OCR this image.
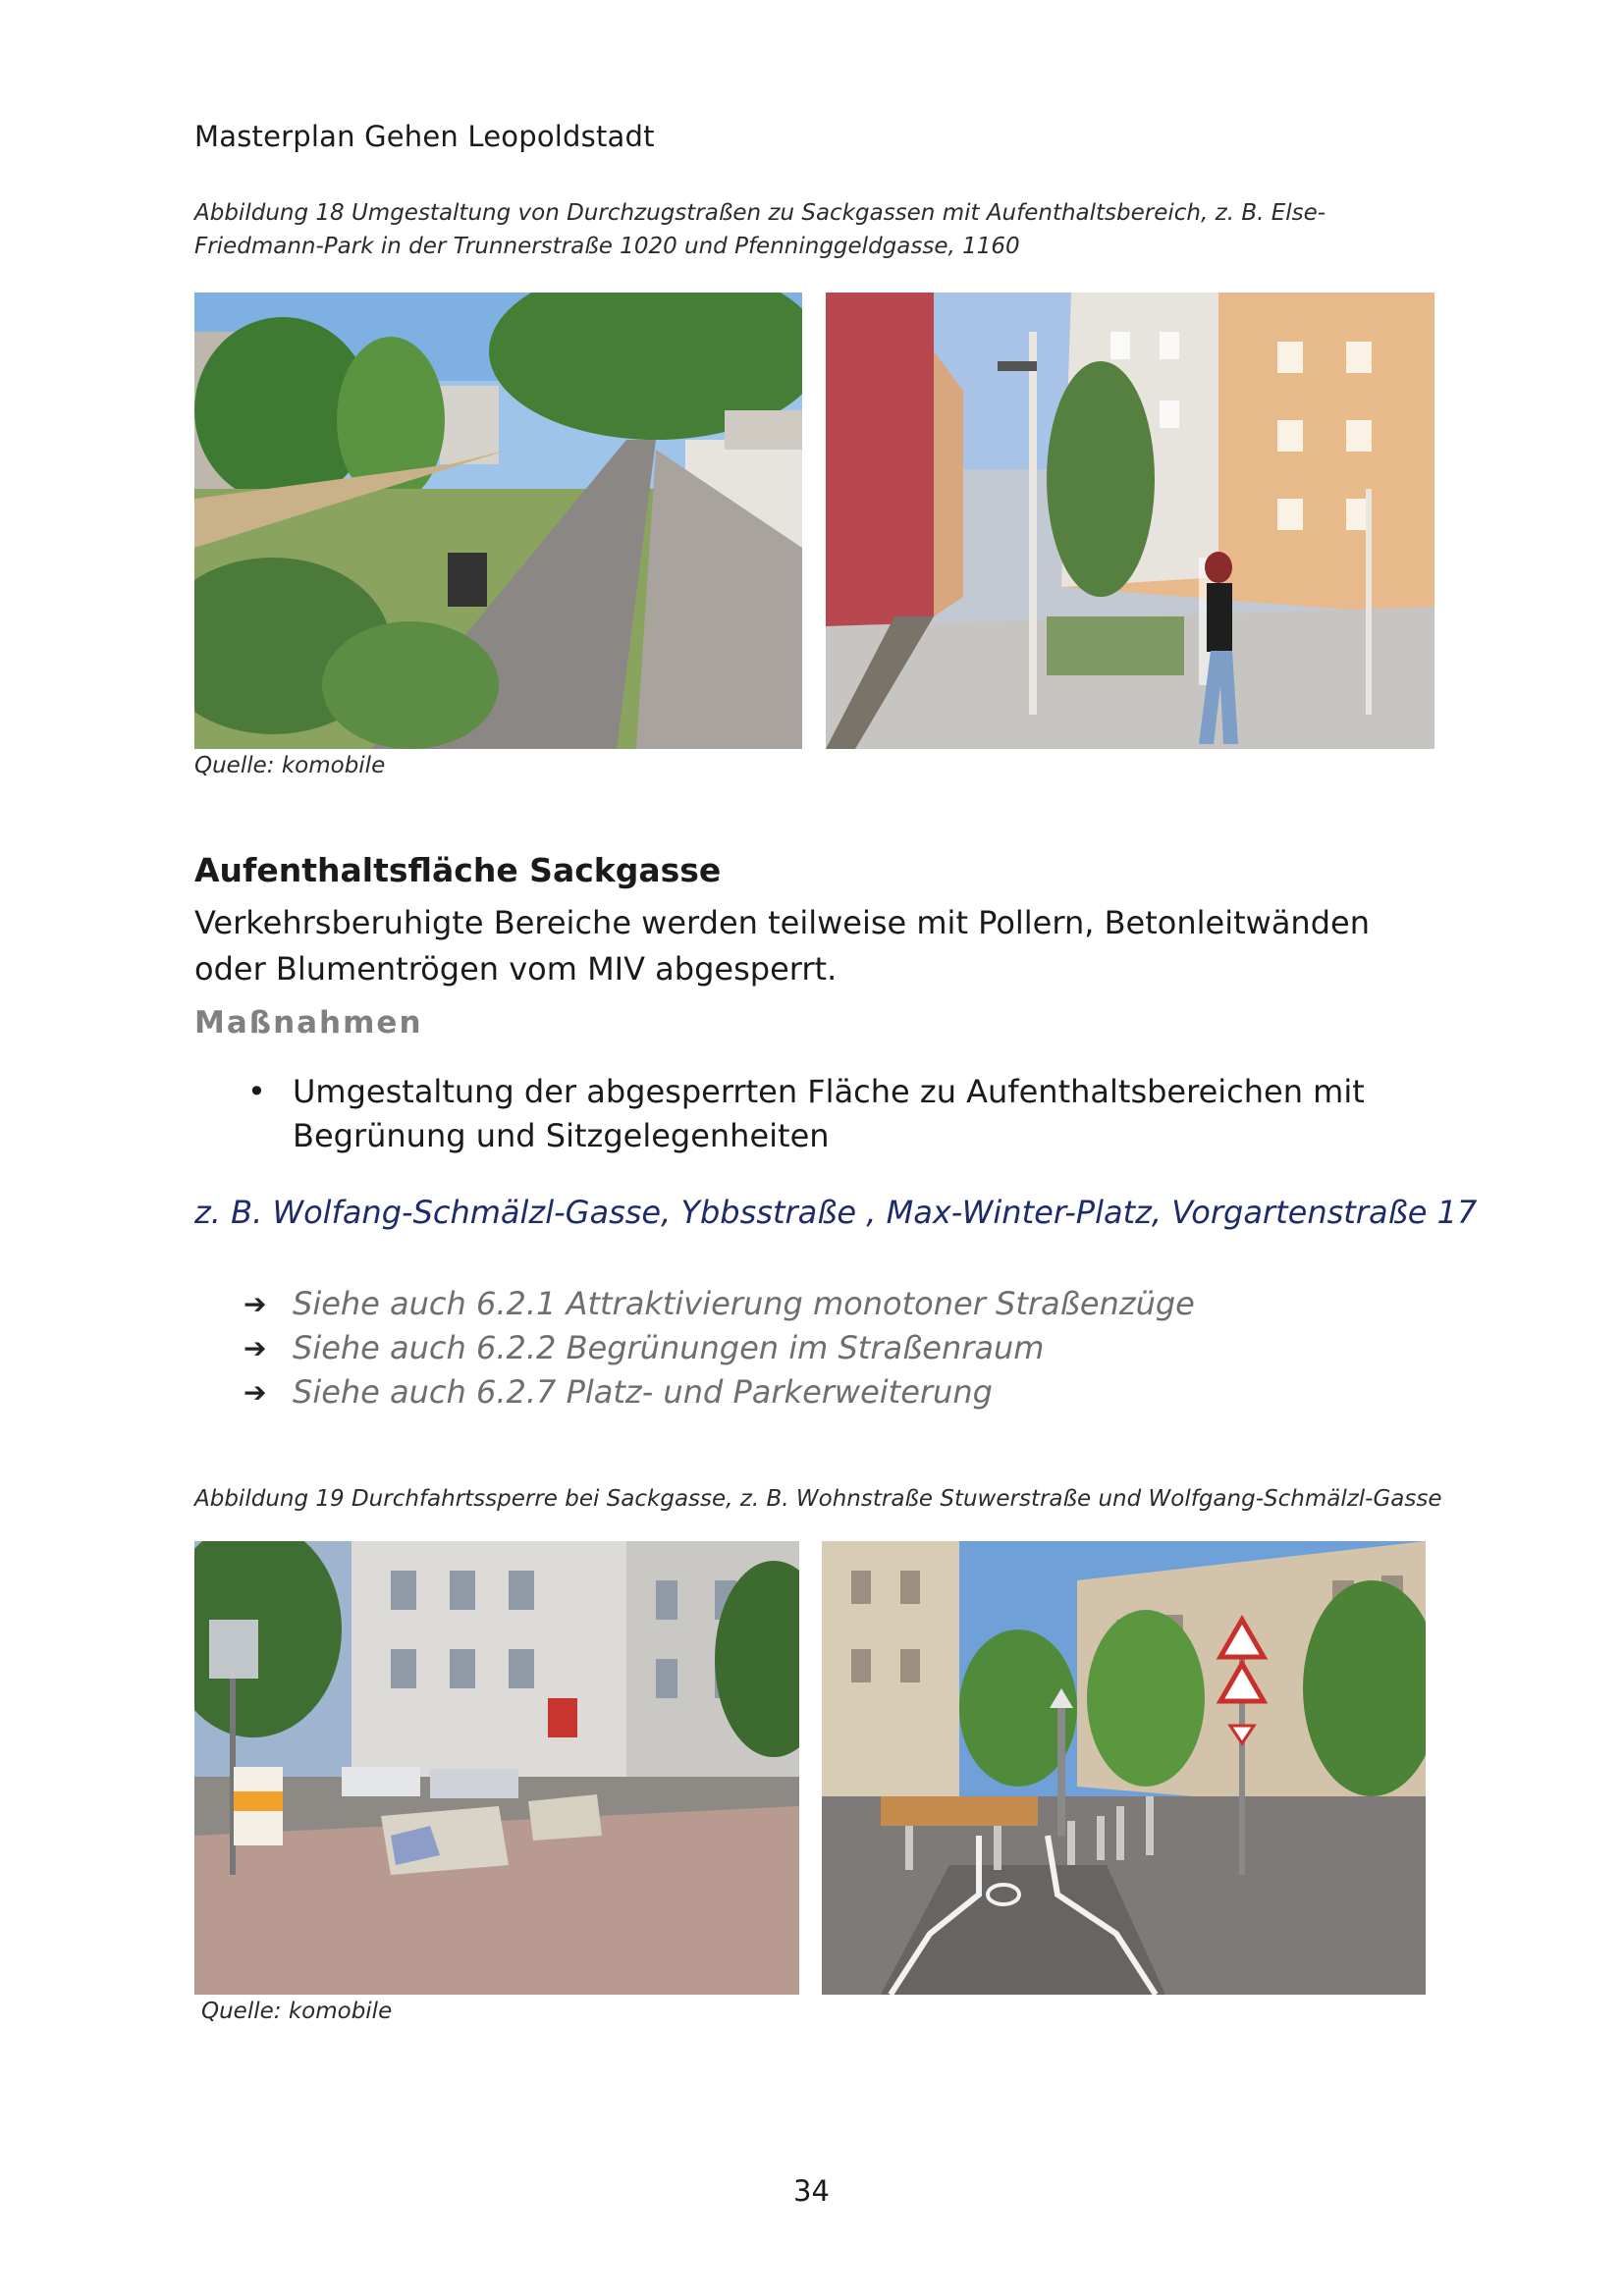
Masterplan Gehen Leopoldstadt
Abbildung 18 Umgestaltung von Durchzugstraßen zu Sackgassen mit Aufenthaltsbereich, z. B. Else-Friedmann-Park in der Trunnerstraße 1020 und Pfenninggeldgasse, 1160
Quelle: komobile
Aufenthaltsfläche Sackgasse
Verkehrsberuhigte Bereiche werden teilweise mit Pollern, Betonleitwänden oder Blumentrögen vom MIV abgesperrt.
Maßnahmen
• Umgestaltung der abgesperrten Fläche zu Aufenthaltsbereichen mit Begrünung und Sitzgelegenheiten
z. B. Wolfang-Schmälzl-Gasse, Ybbsstraße , Max-Winter-Platz, Vorgartenstraße 17
➔ Siehe auch 6.2.1 Attraktivierung monotoner Straßenzüge
➔ Siehe auch 6.2.2 Begrünungen im Straßenraum
➔ Siehe auch 6.2.7 Platz- und Parkerweiterung
Abbildung 19 Durchfahrtssperre bei Sackgasse, z. B. Wohnstraße Stuwerstraße und Wolfgang-Schmälzl-Gasse
Quelle: komobile
34
